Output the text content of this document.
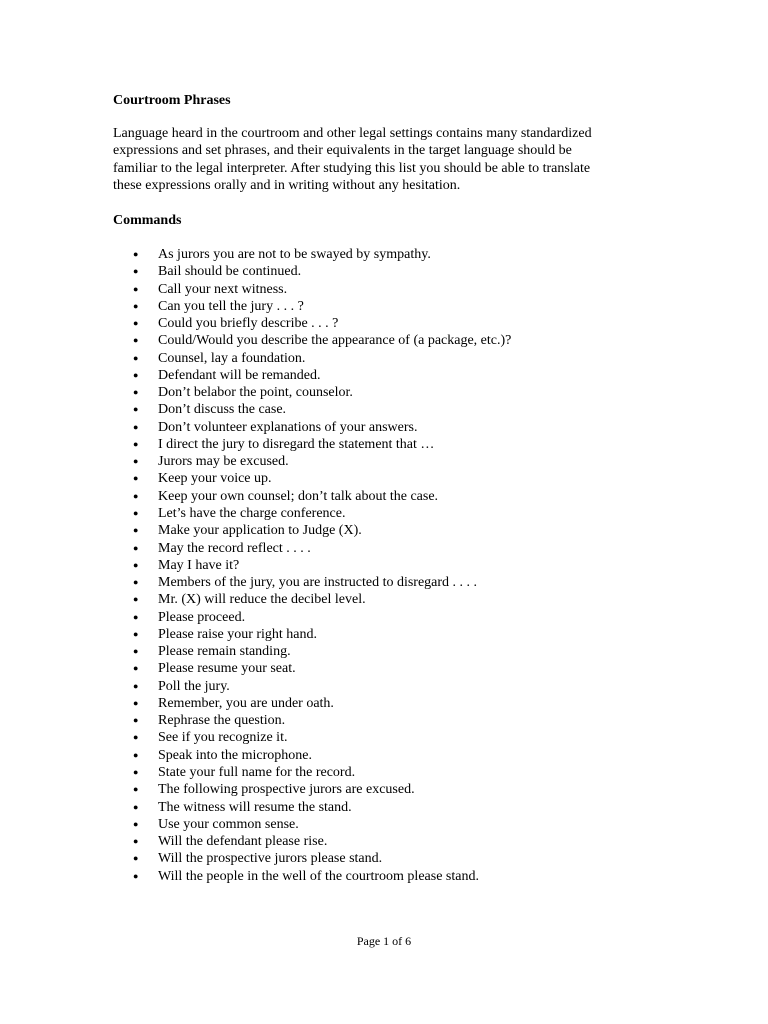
Courtroom Phrases

Language heard in the courtroom and other legal settings contains many standardized
expressions and set phrases, and their equivalents in the target language should be
familiar to the legal interpreter. After studying this list you should be able to translate
these expressions orally and in writing without any hesitation.

Commands
● As jurors you are not to be swayed by sympathy.
● Bail should be continued.
● Call your next witness.
● Can you tell the jury . . . ?
● Could you briefly describe . . . ?
● Could/Would you describe the appearance of (a package, etc.)?
● Counsel, lay a foundation.
● Defendant will be remanded.
● Don’t belabor the point, counselor.
● Don’t discuss the case.
● Don’t volunteer explanations of your answers.
● I direct the jury to disregard the statement that …
● Jurors may be excused.
● Keep your voice up.
● Keep your own counsel; don’t talk about the case.
● Let’s have the charge conference.
● Make your application to Judge (X).
● May the record reflect . . . .
● May I have it?
● Members of the jury, you are instructed to disregard . . . .
● Mr. (X) will reduce the decibel level.
● Please proceed.
● Please raise your right hand.
● Please remain standing.
● Please resume your seat.
● Poll the jury.
● Remember, you are under oath.
● Rephrase the question.
● See if you recognize it.
● Speak into the microphone.
● State your full name for the record.
● The following prospective jurors are excused.
● The witness will resume the stand.
● Use your common sense.
● Will the defendant please rise.
● Will the prospective jurors please stand.
● Will the people in the well of the courtroom please stand.
Page 1 of 6
